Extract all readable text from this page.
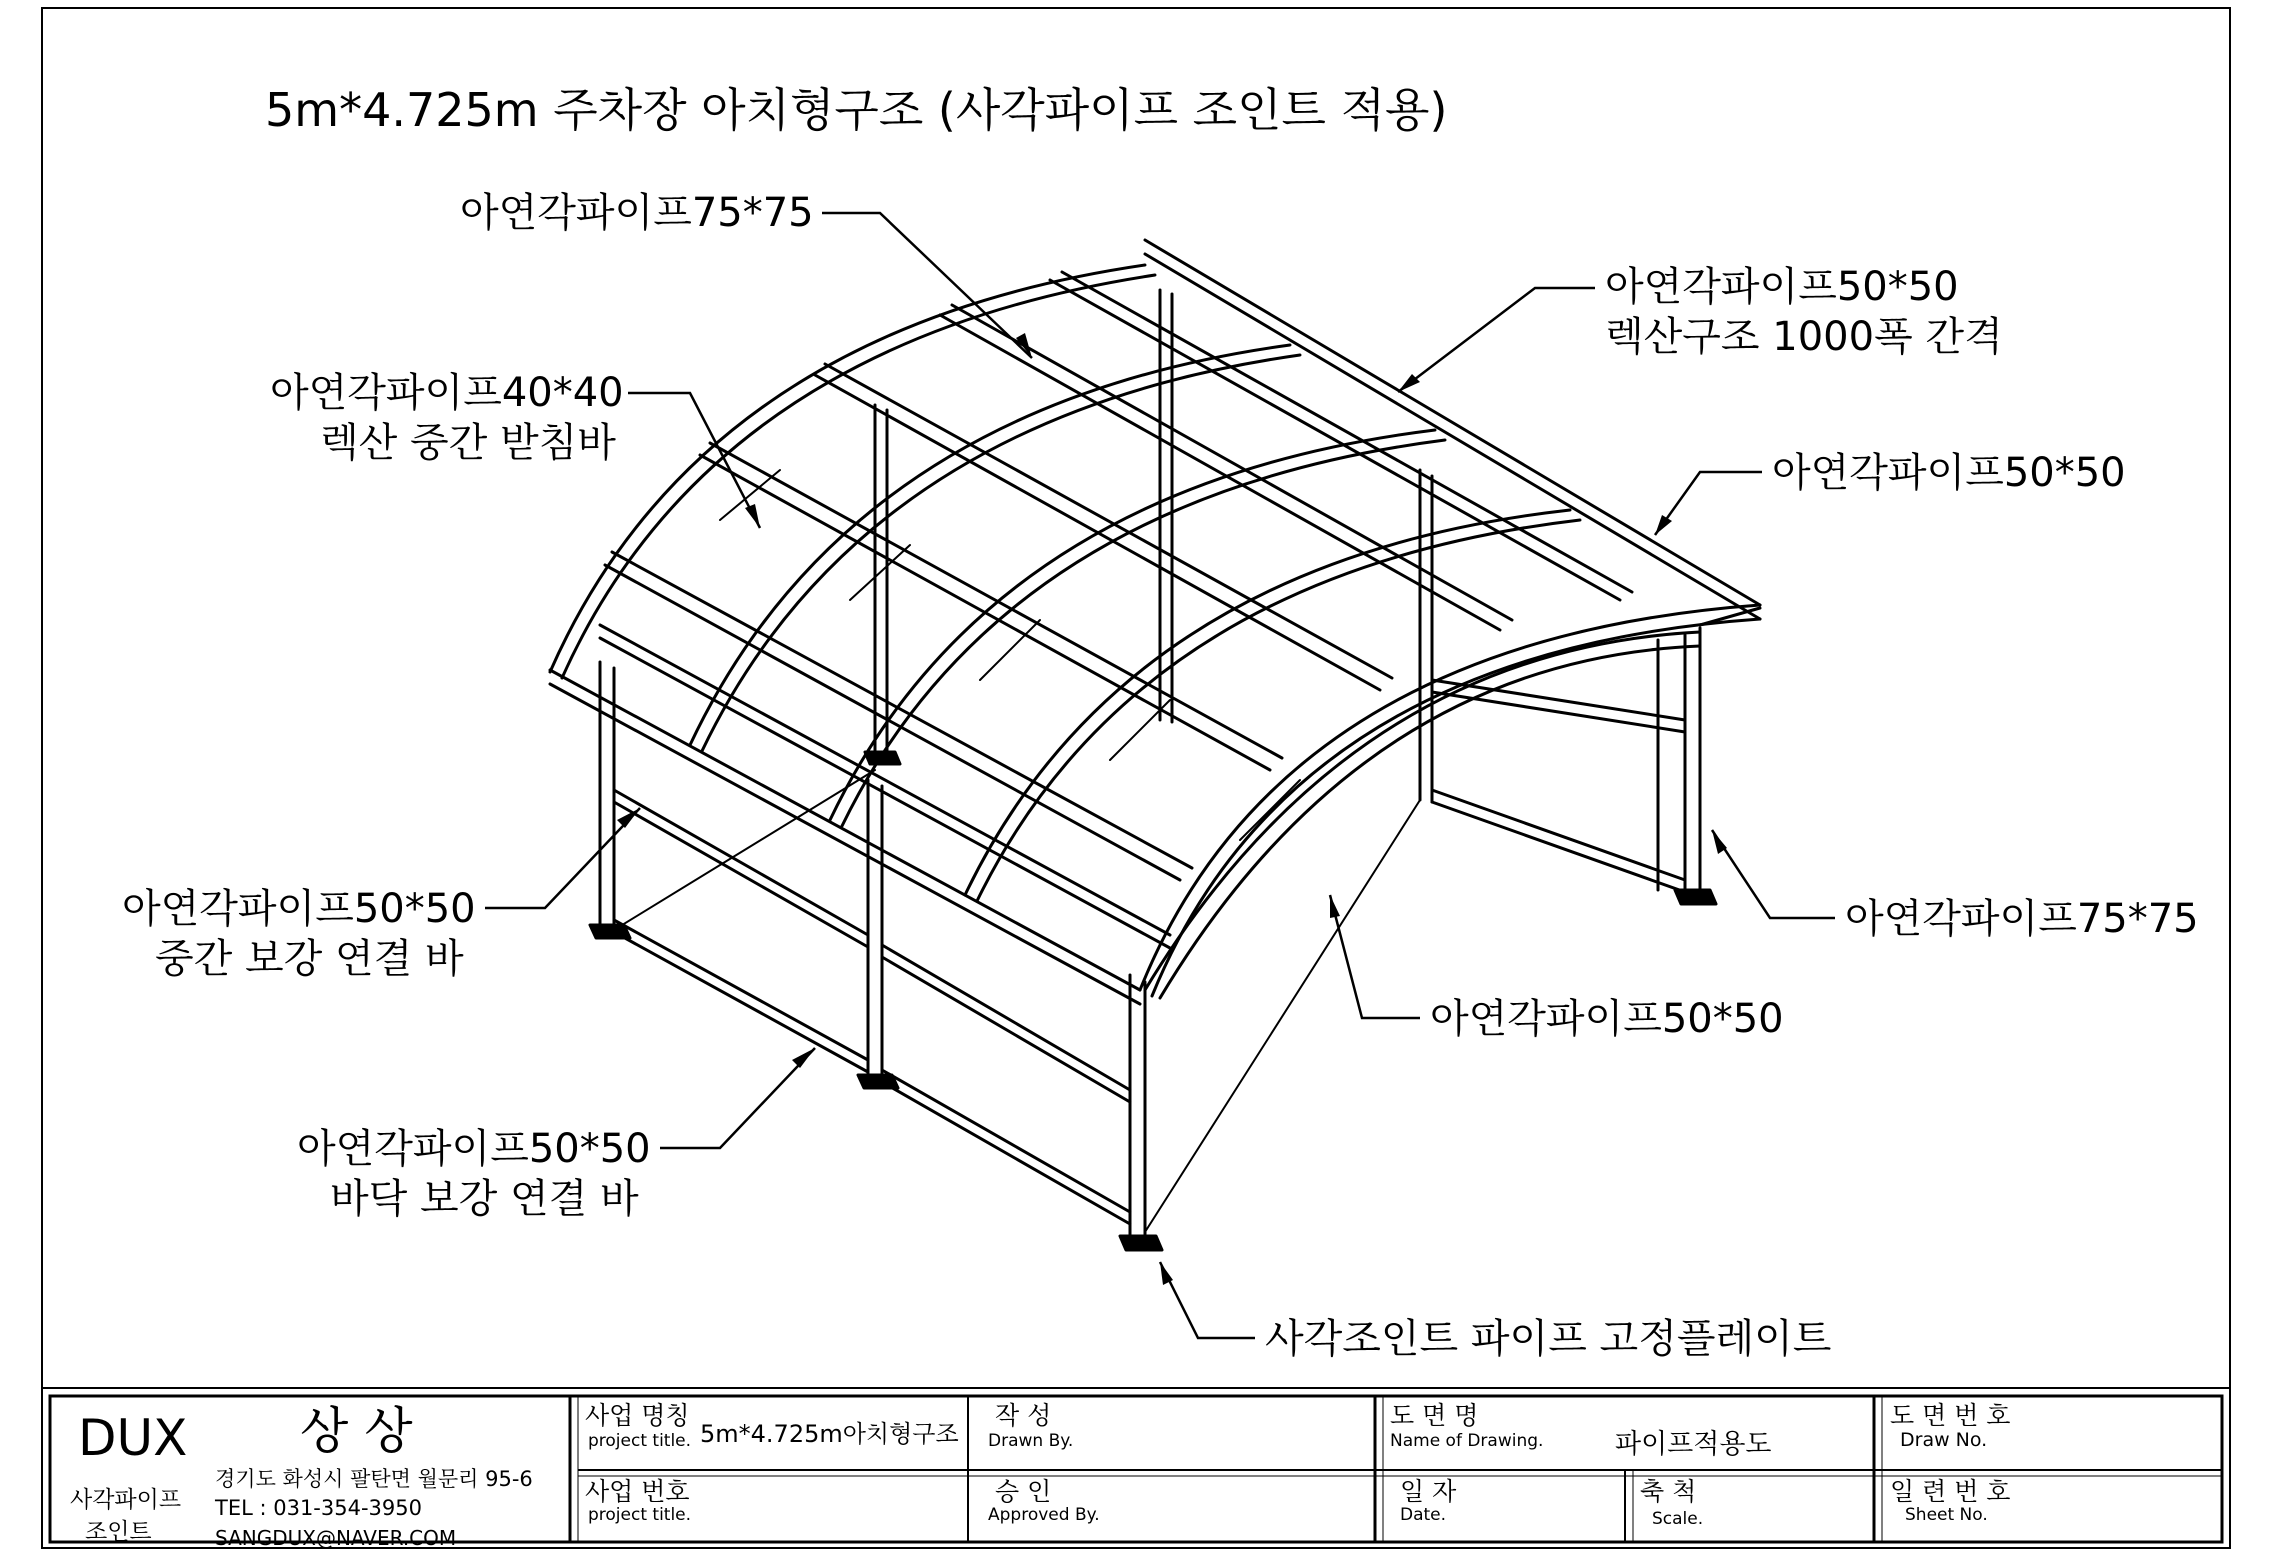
5m*4.725m 주차장 아치형구조 (사각파이프 조인트 적용)
아연각파이프75*75
아연각파이프50*50
렉산구조 1000폭 간격
아연각파이프40*40
렉산 중간 받침바
아연각파이프50*50
아연각파이프50*50
중간 보강 연결 바
아연각파이프75*75
아연각파이프50*50
아연각파이프50*50
바닥 보강 연결 바
사각조인트 파이프 고정플레이트
DUX 상 상
사각파이프
조인트
경기도 화성시 팔탄면 월문리 95-6
TEL : 031-354-3950
SANGDUX@NAVER.COM
사업 명칭
project title. 5m*4.725m아치형구조
사업 번호
project title.
작 성
Drawn By.
승 인
Approved By.
도 면 명
Name of Drawing.	파이프적용도
일 자
Date.
축 척
Scale.
도 면 번 호
Draw No.
일 련 번 호
Sheet No.
